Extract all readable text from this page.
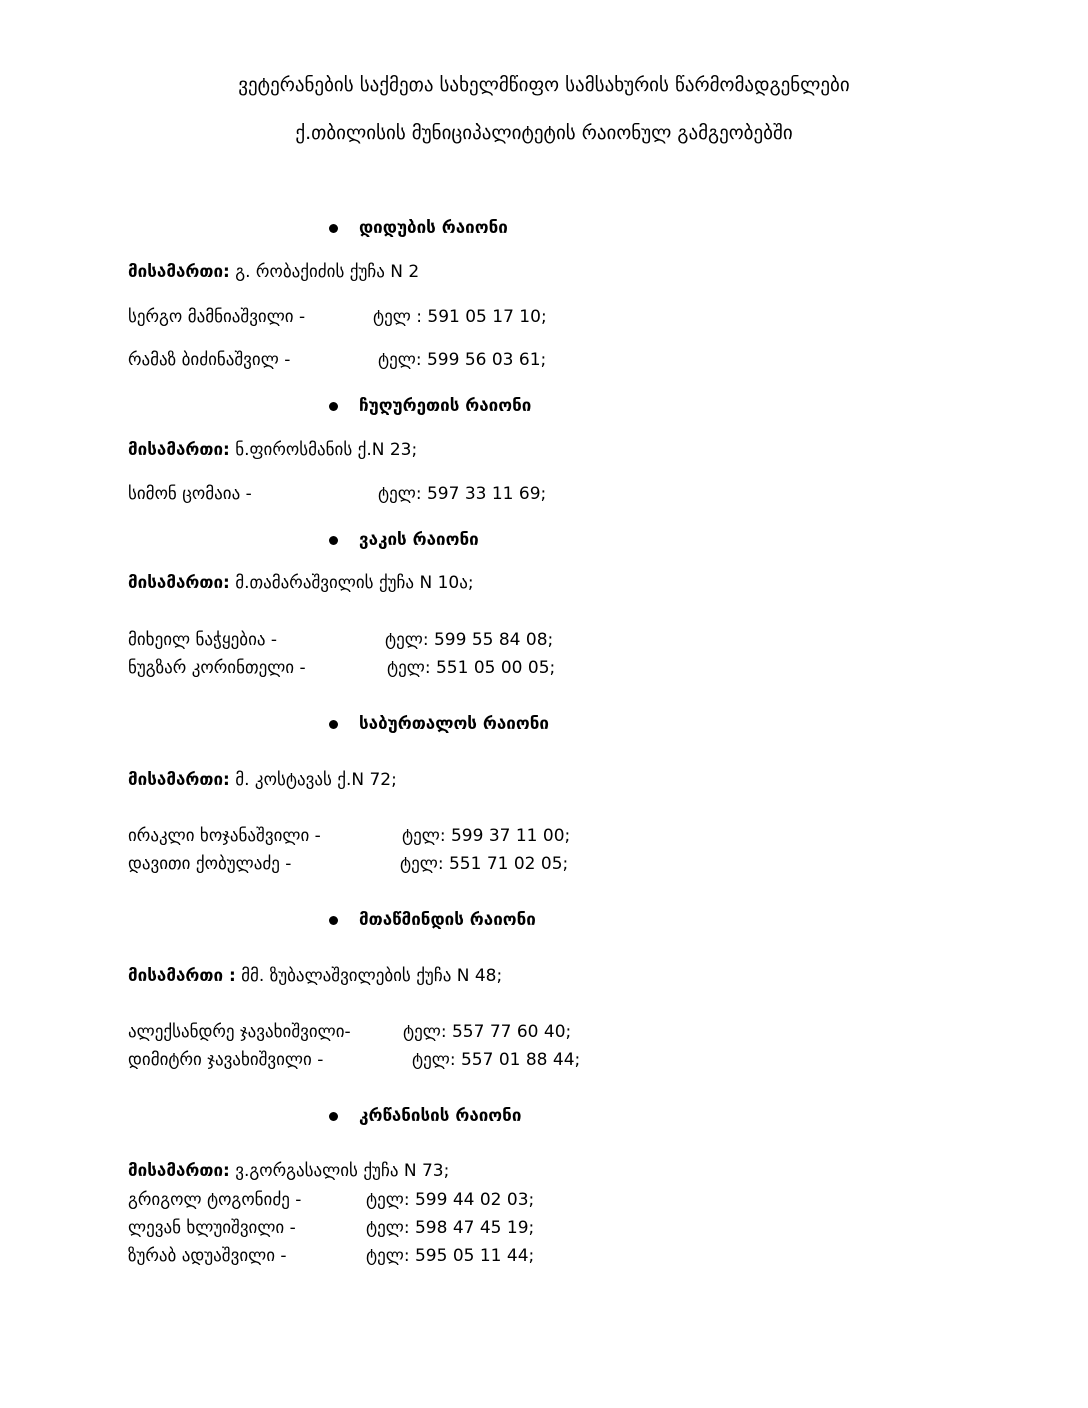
ვეტერანების საქმეთა სახელმწიფო სამსახურის წარმომადგენლები
ქ.თბილისის მუნიციპალიტეტის რაიონულ გამგეობებში
დიდუბის რაიონი
მისამართი: გ. რობაქიძის ქუჩა N 2
სერგო მამნიაშვილი -	ტელ : 591 05 17 10;
რამაზ ბიძინაშვილ -	ტელ: 599 56 03 61;
ჩუღურეთის რაიონი
მისამართი: ნ.ფიროსმანის ქ.N 23;
სიმონ ცომაია -	ტელ: 597 33 11 69;
ვაკის რაიონი
მისამართი: მ.თამარაშვილის ქუჩა N 10ა;
მიხეილ ნაჭყებია -	ტელ: 599 55 84 08;
ნუგზარ კორინთელი -	ტელ: 551 05 00 05;
საბურთალოს რაიონი
მისამართი: მ. კოსტავას ქ.N 72;
ირაკლი ხოჯანაშვილი -	ტელ: 599 37 11 00;
დავითი ქობულაძე -	ტელ: 551 71 02 05;
მთაწმინდის რაიონი
მისამართი : მმ. ზუბალაშვილების ქუჩა N 48;
ალექსანდრე ჯავახიშვილი-	ტელ: 557 77 60 40;
დიმიტრი ჯავახიშვილი -	ტელ: 557 01 88 44;
კრწანისის რაიონი
მისამართი: ვ.გორგასალის ქუჩა N 73;
გრიგოლ ტოგონიძე -	ტელ: 599 44 02 03;
ლევან ხლუიშვილი -	ტელ: 598 47 45 19;
ზურაბ ადუაშვილი -	ტელ: 595 05 11 44;
